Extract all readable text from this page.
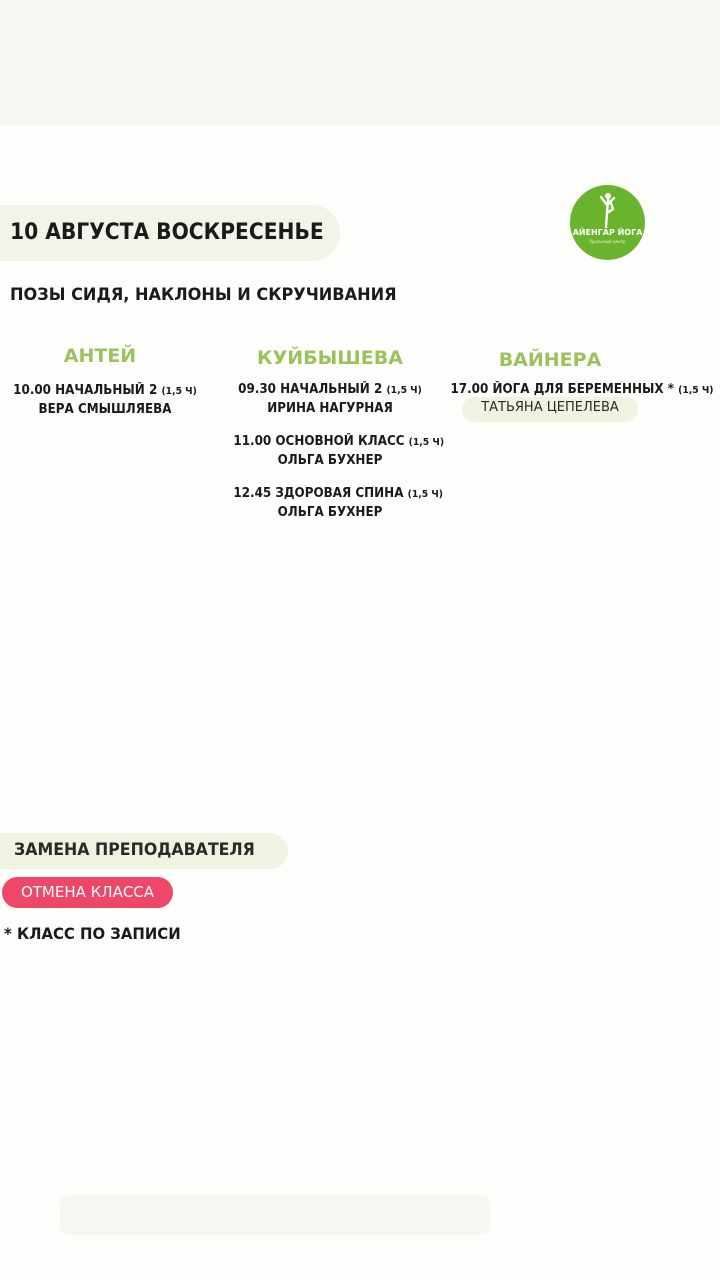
10 АВГУСТА ВОСКРЕСЕНЬЕ	АЙЕНГАР ЙОГА
Уральский центр
ПОЗЫ СИДЯ, НАКЛОНЫ И СКРУЧИВАНИЯ
АНТЕЙ
10.00 НАЧАЛЬНЫЙ 2 (1,5 Ч)
ВЕРА СМЫШЛЯЕВА
КУЙБЫШЕВА
09.30 НАЧАЛЬНЫЙ 2 (1,5 Ч)
ИРИНА НАГУРНАЯ
11.00 ОСНОВНОЙ КЛАСС (1,5 Ч)
ОЛЬГА БУХНЕР
12.45 ЗДОРОВАЯ СПИНА (1,5 Ч)
ОЛЬГА БУХНЕР
ВАЙНЕРА
17.00 ЙОГА ДЛЯ БЕРЕМЕННЫХ * (1,5 Ч)
ТАТЬЯНА ЦЕПЕЛЕВА
ЗАМЕНА ПРЕПОДАВАТЕЛЯ
ОТМЕНА КЛАССА
* КЛАСС ПО ЗАПИСИ
